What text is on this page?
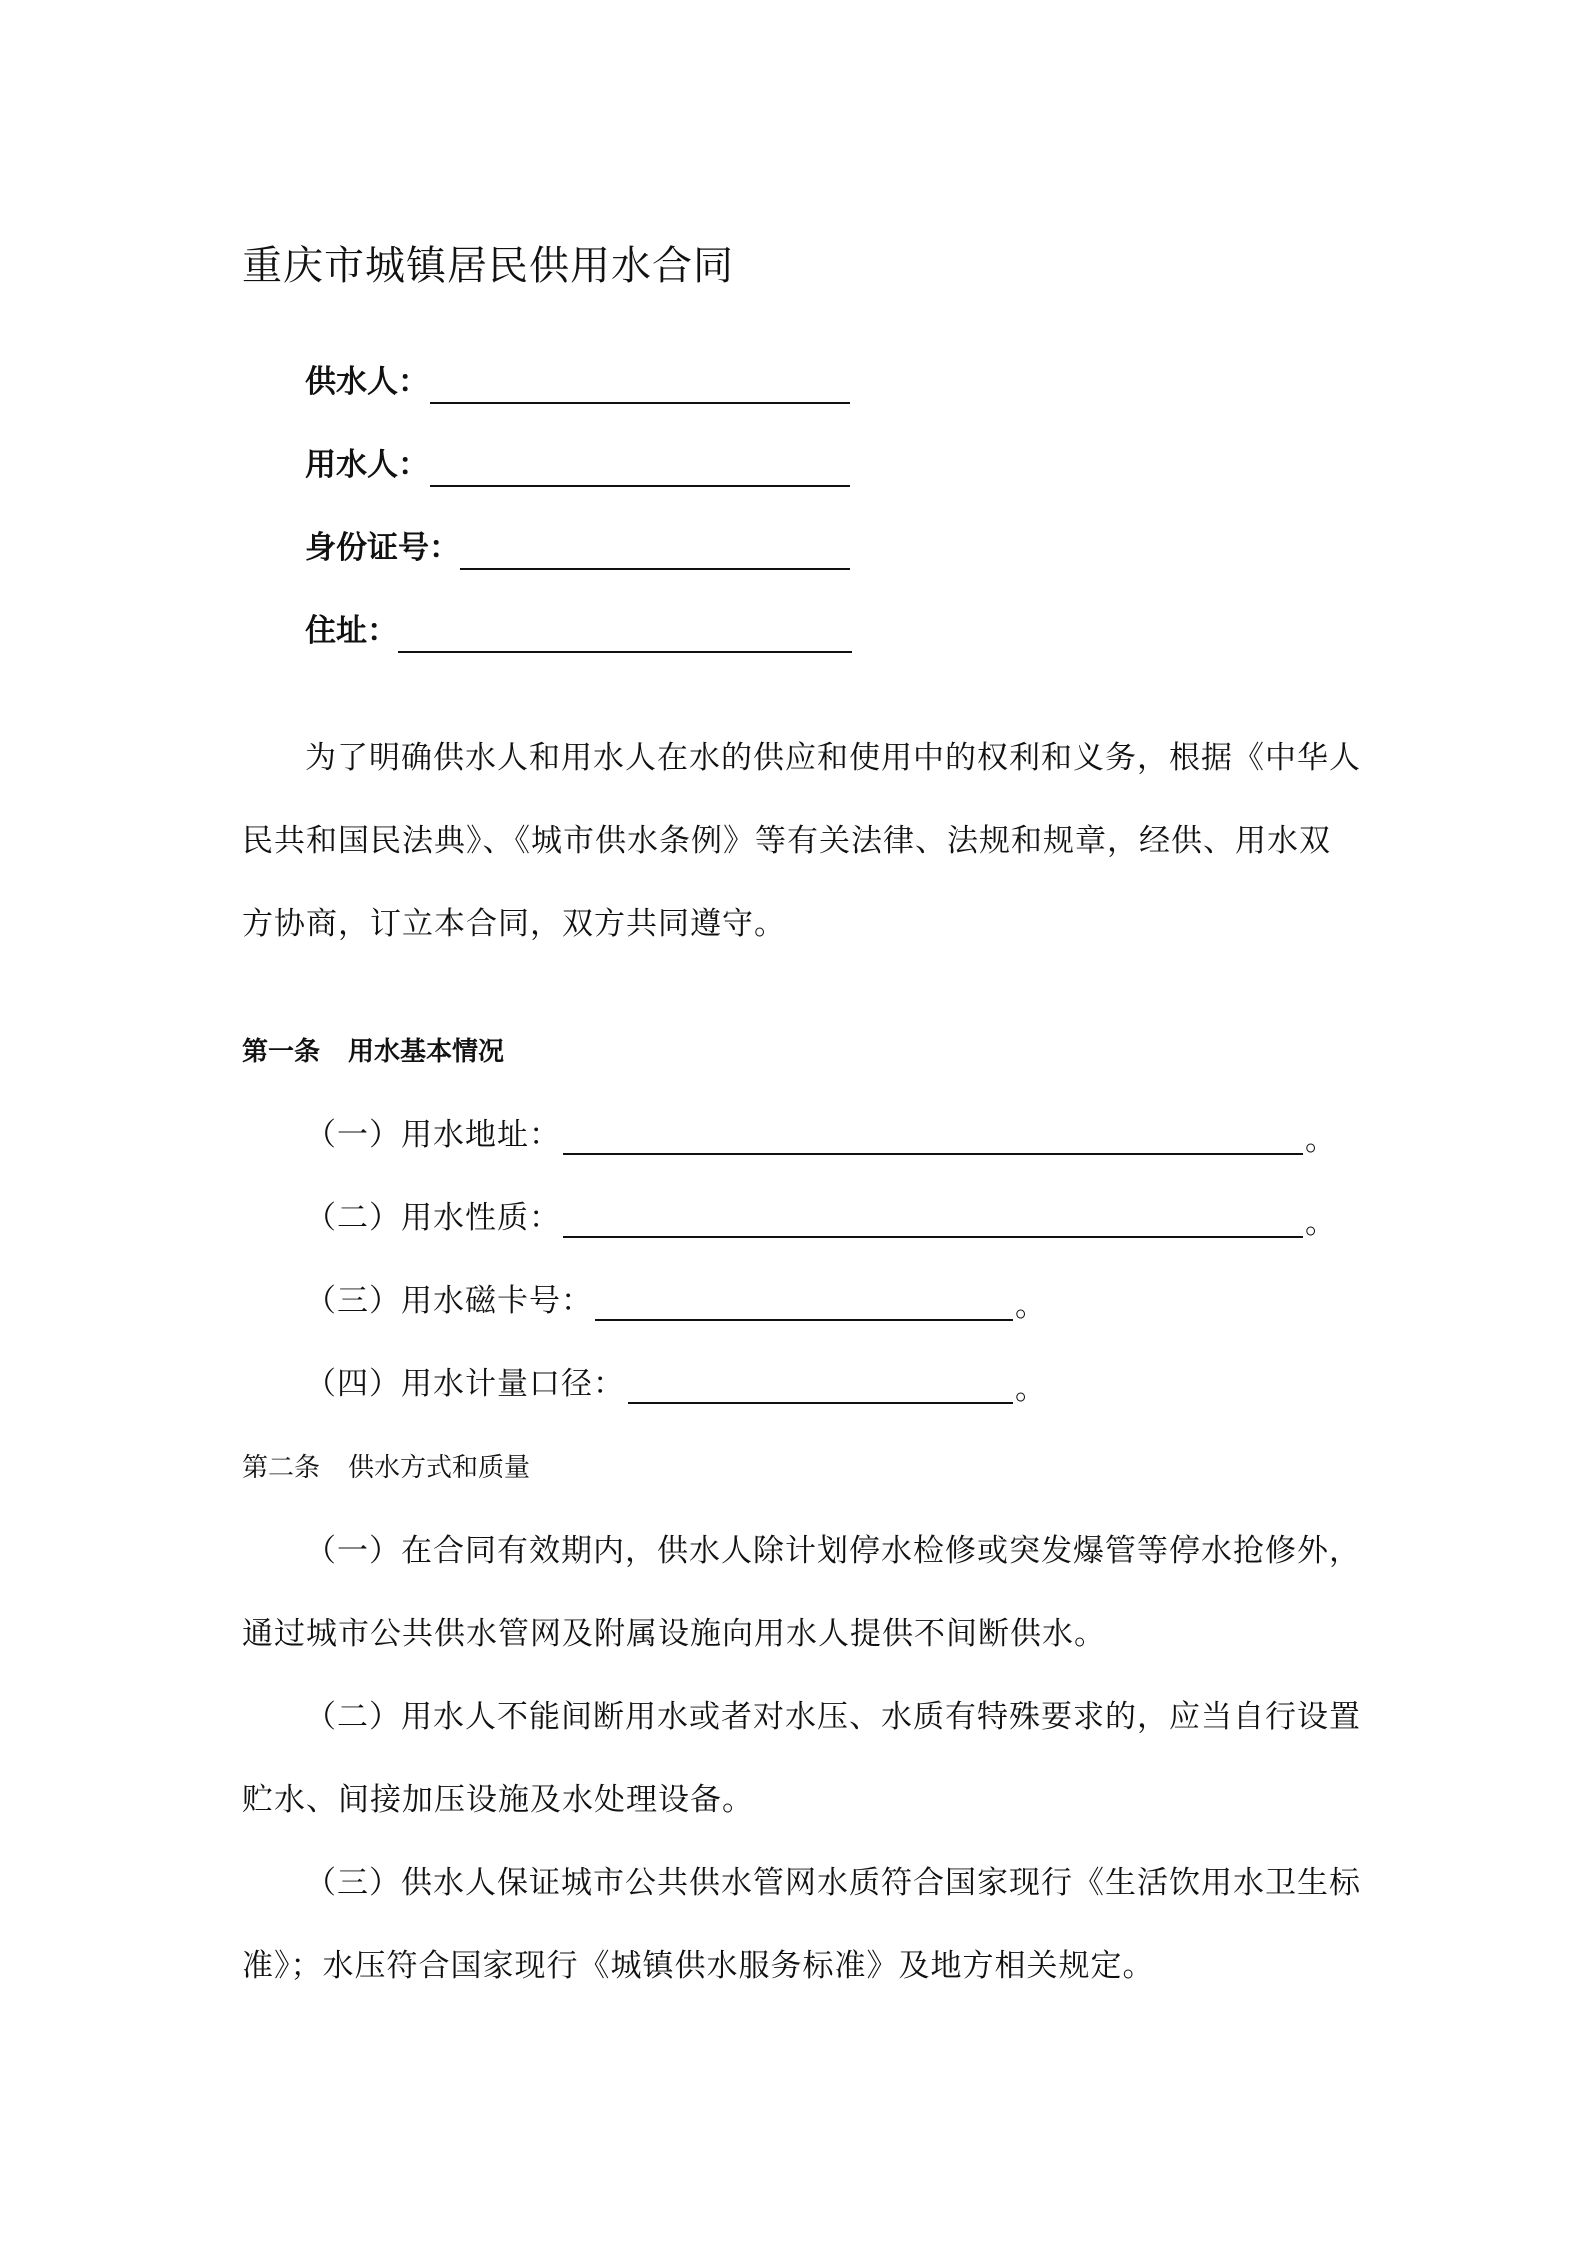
重庆市城镇居民供用水合同
供水人：
用水人：
身份证号：
住址：
为了明确供水人和用水人在水的供应和使用中的权利和义务，根据《中华人
民共和国民法典》、《城市供水条例》等有关法律、法规和规章，经供、用水双
方协商，订立本合同，双方共同遵守。
第一条 用水基本情况
（一）用水地址：	。
（二）用水性质：	。
（三）用水磁卡号：	。
（四）用水计量口径：	。
第二条 供水方式和质量
（一）在合同有效期内，供水人除计划停水检修或突发爆管等停水抢修外，
通过城市公共供水管网及附属设施向用水人提供不间断供水。
（二）用水人不能间断用水或者对水压、水质有特殊要求的，应当自行设置
贮水、间接加压设施及水处理设备。
（三）供水人保证城市公共供水管网水质符合国家现行《生活饮用水卫生标
准》；水压符合国家现行《城镇供水服务标准》及地方相关规定。
